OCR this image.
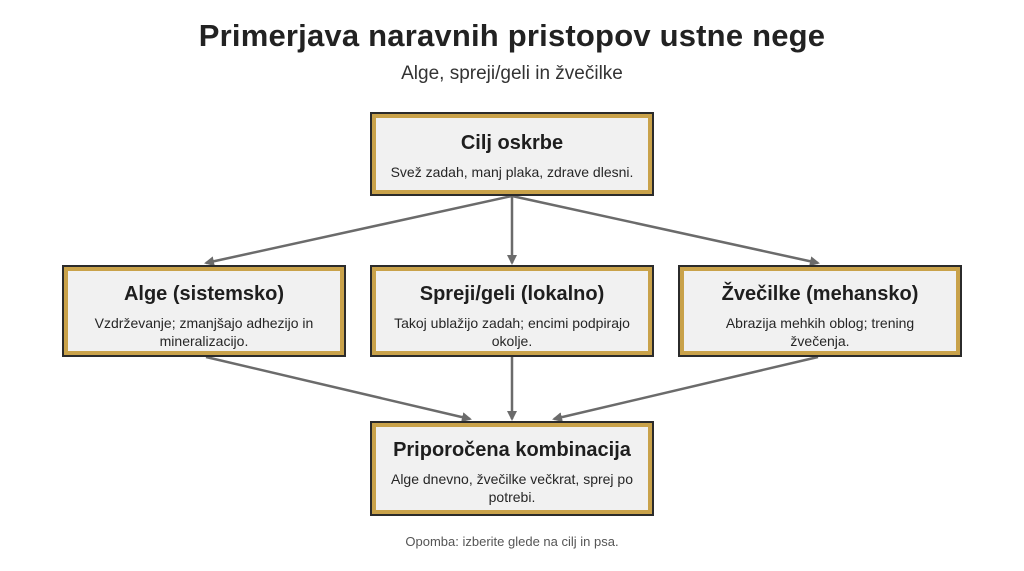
Primerjava naravnih pristopov ustne nege
Alge, spreji/geli in žvečilke
Cilj oskrbe
Svež zadah, manj plaka, zdrave dlesni.
Alge (sistemsko)
Vzdrževanje; zmanjšajo adhezijo in mineralizacijo.
Spreji/geli (lokalno)
Takoj ublažijo zadah; encimi podpirajo okolje.
Žvečilke (mehansko)
Abrazija mehkih oblog; trening žvečenja.
Priporočena kombinacija
Alge dnevno, žvečilke večkrat, sprej po potrebi.
Opomba: izberite glede na cilj in psa.
